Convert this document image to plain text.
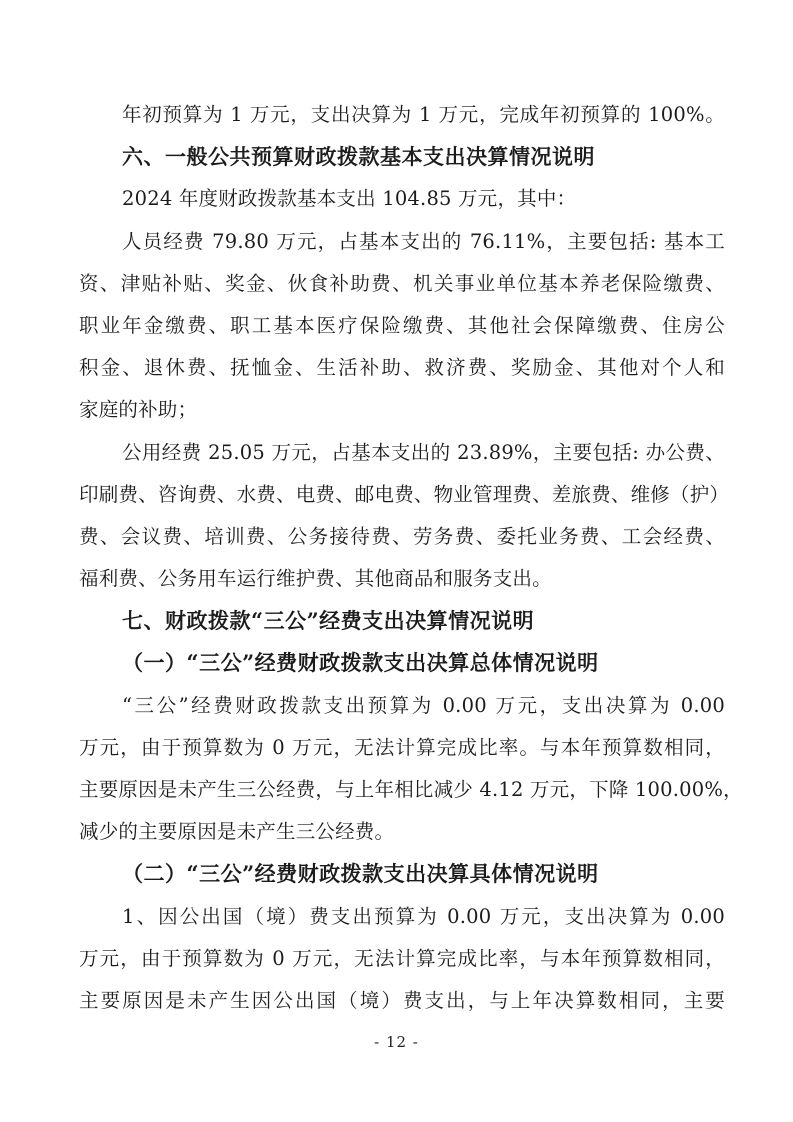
年初预算为 1 万元，支出决算为 1 万元，完成年初预算的 100%。
六、一般公共预算财政拨款基本支出决算情况说明
2024 年度财政拨款基本支出 104.85 万元，其中：
人员经费 79.80 万元，占基本支出的 76.11%，主要包括: 基本工
资、津贴补贴、奖金、伙食补助费、机关事业单位基本养老保险缴费、
职业年金缴费、职工基本医疗保险缴费、其他社会保障缴费、住房公
积金、退休费、抚恤金、生活补助、救济费、奖励金、其他对个人和
家庭的补助；
公用经费 25.05 万元，占基本支出的 23.89%，主要包括: 办公费、
印刷费、咨询费、水费、电费、邮电费、物业管理费、差旅费、维修（护）
费、会议费、培训费、公务接待费、劳务费、委托业务费、工会经费、
福利费、公务用车运行维护费、其他商品和服务支出。
七、财政拨款“三公”经费支出决算情况说明
（一）“三公”经费财政拨款支出决算总体情况说明
“三公”经费财政拨款支出预算为 0.00 万元，支出决算为 0.00
万元，由于预算数为 0 万元，无法计算完成比率。与本年预算数相同，
主要原因是未产生三公经费，与上年相比减少 4.12 万元，下降 100.00%，
减少的主要原因是未产生三公经费。
（二）“三公”经费财政拨款支出决算具体情况说明
1、因公出国（境）费支出预算为 0.00 万元，支出决算为 0.00
万元，由于预算数为 0 万元，无法计算完成比率，与本年预算数相同，
主要原因是未产生因公出国（境）费支出，与上年决算数相同，主要
- 12 -
